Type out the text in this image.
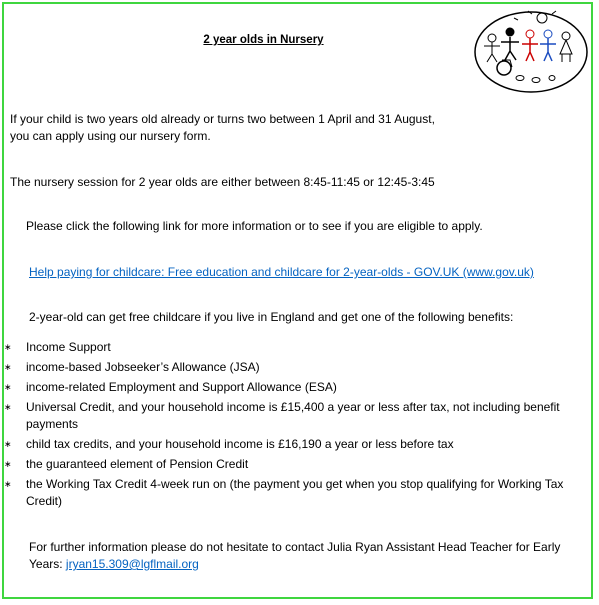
2 year olds in Nursery
If your child is two years old already or turns two between 1 April and 31 August,
you can apply using our nursery form.
The nursery session for 2 year olds are either between 8:45-11:45 or 12:45-3:45
Please click the following link for more information or to see if you are eligible to apply.
Help paying for childcare: Free education and childcare for 2-year-olds - GOV.UK (www.gov.uk)
2-year-old can get free childcare if you live in England and get one of the following benefits:
∗ Income Support
∗ income-based Jobseeker’s Allowance (JSA)
∗ income-related Employment and Support Allowance (ESA)
∗ Universal Credit, and your household income is £15,400 a year or less after tax, not including benefit payments
∗ child tax credits, and your household income is £16,190 a year or less before tax
∗ the guaranteed element of Pension Credit
∗ the Working Tax Credit 4-week run on (the payment you get when you stop qualifying for Working Tax Credit)
For further information please do not hesitate to contact Julia Ryan Assistant Head Teacher for Early
Years: jryan15.309@lgflmail.org
